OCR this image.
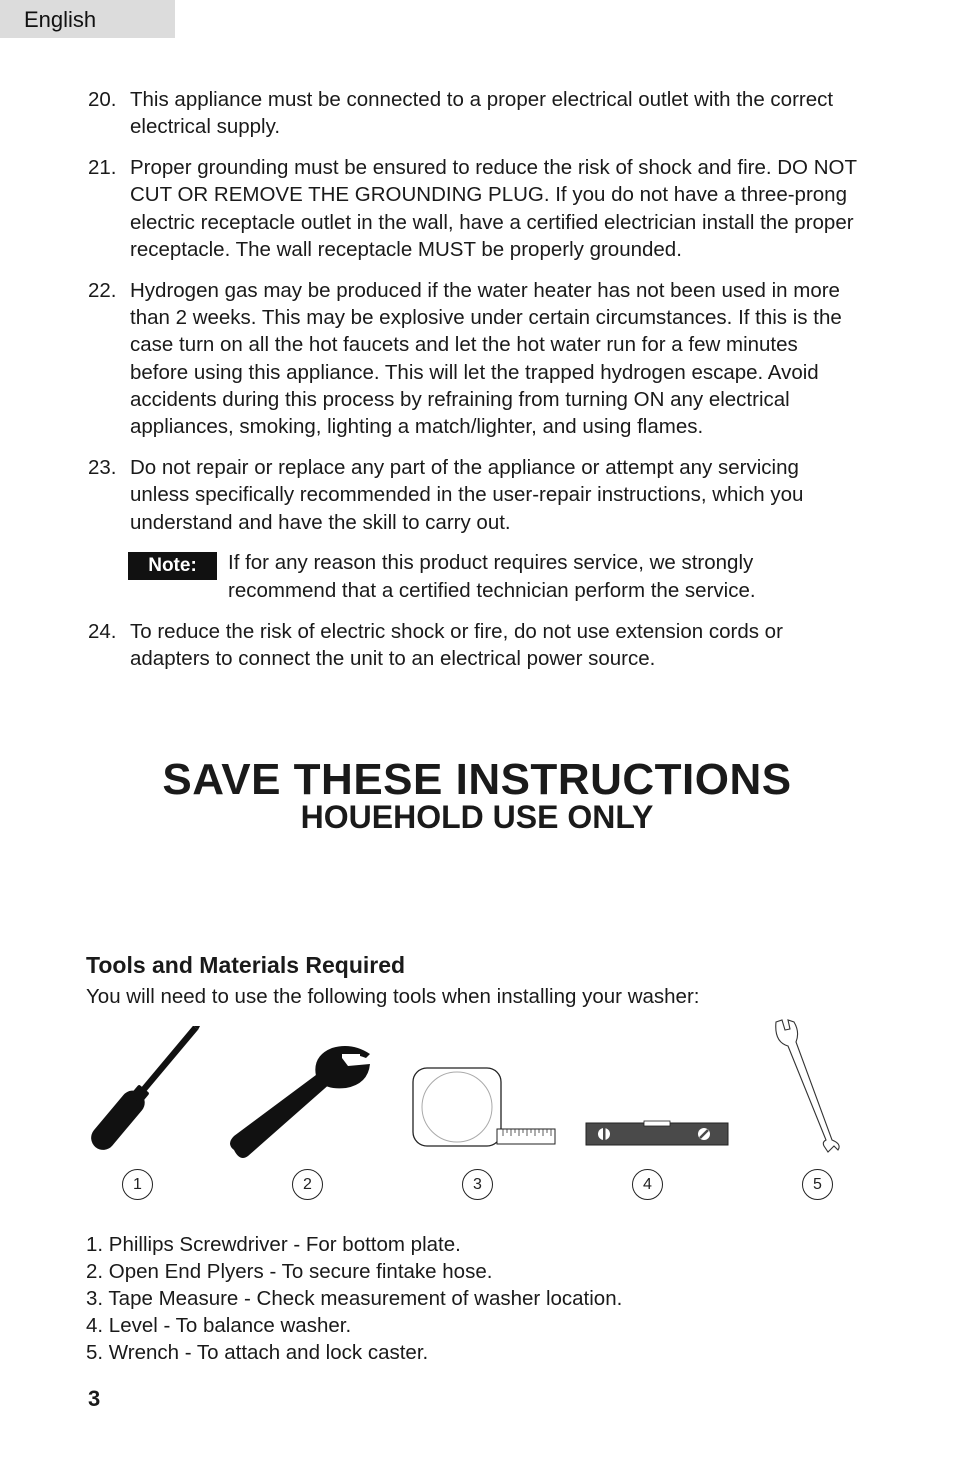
English
20. This appliance must be connected to a proper electrical outlet with the correct electrical supply.
21. Proper grounding must be ensured to reduce the risk of shock and fire. DO NOT CUT OR REMOVE THE GROUNDING PLUG. If you do not have a three-prong electric receptacle outlet in the wall, have a certified electrician install the proper receptacle. The wall receptacle MUST be properly grounded.
22. Hydrogen gas may be produced if the water heater has not been used in more than 2 weeks. This may be explosive under certain circumstances. If this is the case turn on all the hot faucets and let the hot water run for a few minutes before using this appliance. This will let the trapped hydrogen escape. Avoid accidents during this process by refraining from turning ON any electrical appliances, smoking, lighting a match/lighter, and using flames.
23. Do not repair or replace any part of the appliance or attempt any servicing unless specifically recommended in the user-repair instructions, which you understand and have the skill to carry out.
Note:	If for any reason this product requires service, we strongly recommend that a certified technician perform the service.
24. To reduce the risk of electric shock or fire, do not use extension cords or adapters to connect the unit to an electrical power source.
SAVE THESE INSTRUCTIONS
HOUEHOLD USE ONLY
Tools and Materials Required
You will need to use the following tools when installing your washer:
1	2	3	4	5
1. Phillips Screwdriver - For bottom plate.
2. Open End Plyers - To secure fintake hose.
3. Tape Measure - Check measurement of washer location.
4. Level - To balance washer.
5. Wrench - To attach and lock caster.
3
